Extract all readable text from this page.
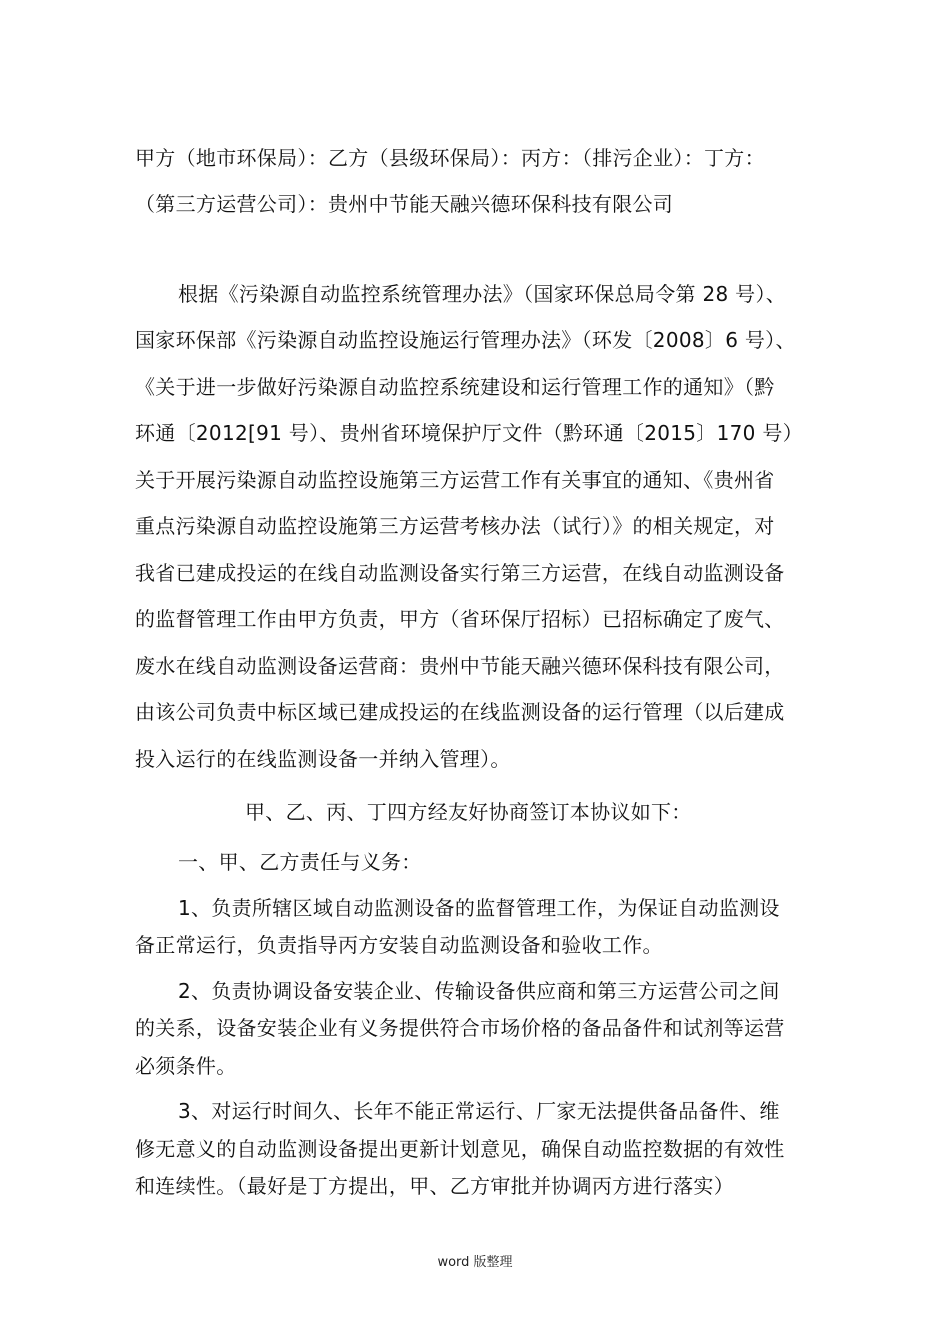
甲方（地市环保局）：乙方（县级环保局）：丙方：（排污企业）：丁方：
（第三方运营公司）：贵州中节能天融兴德环保科技有限公司
根据《污染源自动监控系统管理办法》（国家环保总局令第 28 号）、
国家环保部《污染源自动监控设施运行管理办法》（环发〔2008〕6 号）、
《关于进一步做好污染源自动监控系统建设和运行管理工作的通知》（黔
环通〔2012[91 号）、贵州省环境保护厅文件（黔环通〔2015〕170 号）
关于开展污染源自动监控设施第三方运营工作有关事宜的通知、《贵州省
重点污染源自动监控设施第三方运营考核办法（试行）》的相关规定，对
我省已建成投运的在线自动监测设备实行第三方运营，在线自动监测设备
的监督管理工作由甲方负责，甲方（省环保厅招标）已招标确定了废气、
废水在线自动监测设备运营商：贵州中节能天融兴德环保科技有限公司，
由该公司负责中标区域已建成投运的在线监测设备的运行管理（以后建成
投入运行的在线监测设备一并纳入管理）。
甲、乙、丙、丁四方经友好协商签订本协议如下：
一、甲、乙方责任与义务：
1、负责所辖区域自动监测设备的监督管理工作，为保证自动监测设
备正常运行，负责指导丙方安装自动监测设备和验收工作。
2、负责协调设备安装企业、传输设备供应商和第三方运营公司之间
的关系，设备安装企业有义务提供符合市场价格的备品备件和试剂等运营
必须条件。
3、对运行时间久、长年不能正常运行、厂家无法提供备品备件、维
修无意义的自动监测设备提出更新计划意见，确保自动监控数据的有效性
和连续性。（最好是丁方提出，甲、乙方审批并协调丙方进行落实）
word 版整理
